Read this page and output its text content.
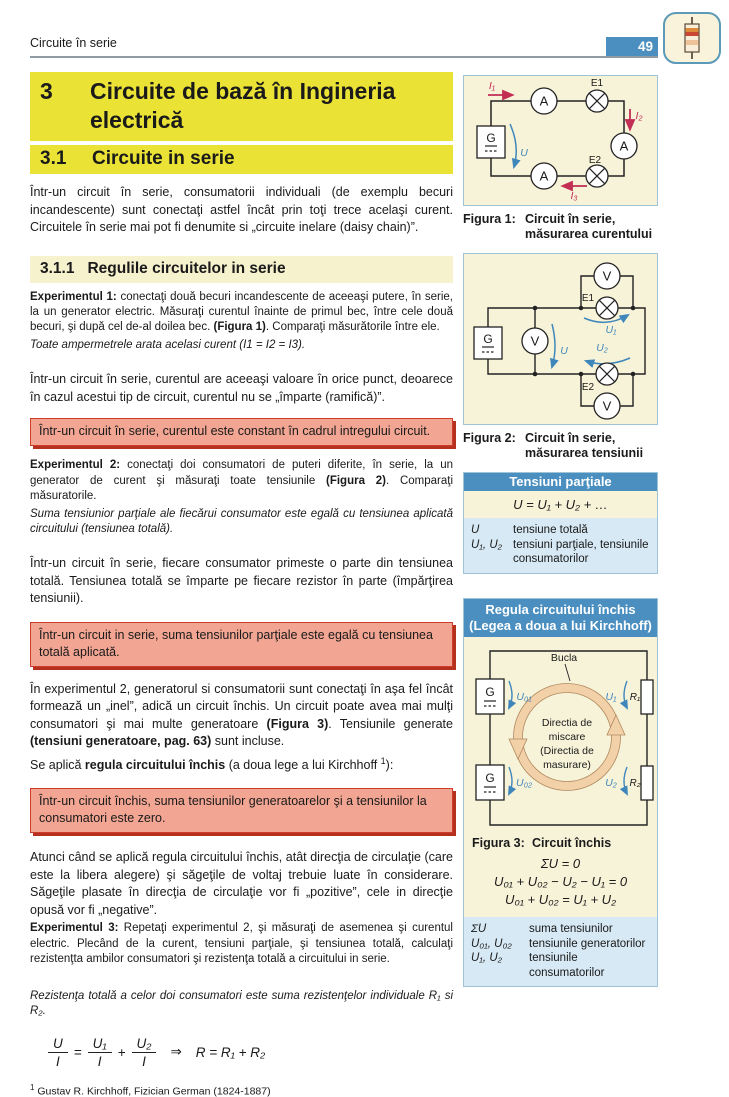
Circuite în serie	49
3	Circuite de bază în Ingineria electrică
3.1	Circuite in serie

Într-un circuit în serie, consumatorii individuali (de exemplu becuri incandescente) sunt conectaţi astfel încât prin toţi trece acelaşi curent. Circuitele în serie mai pot fi denumite si „circuite inelare (daisy chain)”.

3.1.1 Regulile circuitelor in serie

Experimentul 1: conectaţi două becuri incandescente de aceeaşi putere, în serie, la un generator electric. Măsuraţi curentul înainte de primul bec, între cele două becuri, şi după cel de-al doilea bec. (Figura 1). Comparaţi măsurătorile între ele.

Toate ampermetrele arata acelasi curent (I1 = I2 = I3).

Într-un circuit în serie, curentul are aceeaşi valoare în orice punct, deoarece în cazul acestui tip de circuit, curentul nu se „împarte (ramifică)”.

Într-un circuit în serie, curentul este constant în cadrul intregului circuit.

Experimentul 2: conectaţi doi consumatori de puteri diferite, în serie, la un generator de curent şi măsuraţi toate tensiunile (Figura 2). Comparaţi măsuratorile.

Suma tensiunior parţiale ale fiecărui consumator este egală cu tensiunea aplicată circuitului (tensiunea totală).

Într-un circuit în serie, fiecare consumator primeste o parte din tensiunea totală. Tensiunea totală se împarte pe fiecare rezistor în parte (împărţirea tensiunii).

Într-un circuit in serie, suma tensiunilor parţiale este egală cu tensiunea totală aplicată.

În experimentul 2, generatorul si consumatorii sunt conectaţi în aşa fel încât formează un „inel”, adică un circuit închis. Un circuit poate avea mai mulţi consumatori şi mai multe generatoare (Figura 3). Tensiunile generate (tensiuni generatoare, pag. 63) sunt incluse.

Se aplică regula circuitului închis (a doua lege a lui Kirchhoff $^1$):

Într-un circuit închis, suma tensiunilor generatoarelor şi a tensiunilor la consumatori este zero.

Atunci când se aplică regula circuitului închis, atât direcţia de circulaţie (care este la libera alegere) şi săgeţile de voltaj trebuie luate în considerare. Săgeţile plasate în direcţia de circulaţie vor fi „pozitive”, cele in direcţie opusă vor fi „negative”.

Experimentul 3: Repetaţi experimentul 2, şi măsuraţi de asemenea şi curentul electric. Plecând de la curent, tensiuni parţiale, şi tensiunea totală, calculaţi rezistenţta ambilor consumatori şi rezistenţa totală a circuitului in serie.

Rezistenţa totală a celor doi consumatori este suma rezistenţelor individuale R₁ si R₂.

$\frac{U}{I} = \frac{\text{U₁}}{I} + \frac{\text{U₂}}{I}$ ⇒ R = R₁ + R₂

$^1$ Gustav R. Kirchhoff, Fizician German (1824-1887)

U
G
A
E1
A
A
E2
I₁
I₂
I₃
Figura 1: Circuit în serie,
măsurarea curentului
U
U₁
U₂
G	V
V
V
E1
E2
Figura 2: Circuit în serie,
măsurarea tensiunii
Tensiuni parţiale
U = U₁ + U₂ + …
U	tensiune totală
U₁, U₂ tensiuni parţiale, tensiunile consumatorilor
Regula circuitului închis
(Legea a doua a lui Kirchhoff)
Bucla
Directia de
miscare
(Directia de
masurare)
G
G
U₀₁
U₀₂
U₁ R₁
U₂ R₂
Figura 3: Circuit închis
ΣU = 0
U₀₁ + U₀₂ − U₂ − U₁ = 0
U₀₁ + U₀₂ = U₁ + U₂
ΣU	suma tensiunilor
U₀₁, U₀₂	tensiunile generatorilor
U₁, U₂	tensiunile consumatorilor
